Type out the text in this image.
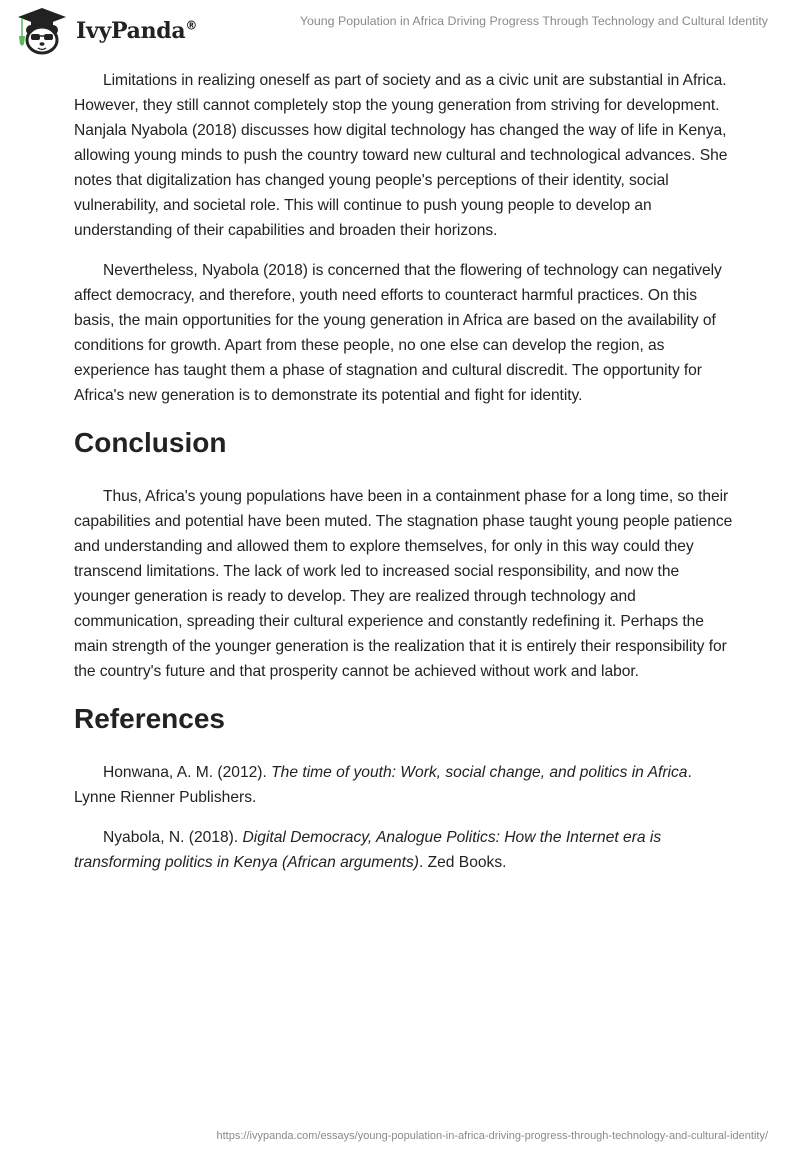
IvyPanda®	Young Population in Africa Driving Progress Through Technology and Cultural Identity

Limitations in realizing oneself as part of society and as a civic unit are substantial in Africa. However, they still cannot completely stop the young generation from striving for development. Nanjala Nyabola (2018) discusses how digital technology has changed the way of life in Kenya, allowing young minds to push the country toward new cultural and technological advances. She notes that digitalization has changed young people's perceptions of their identity, social vulnerability, and societal role. This will continue to push young people to develop an understanding of their capabilities and broaden their horizons.

Nevertheless, Nyabola (2018) is concerned that the flowering of technology can negatively affect democracy, and therefore, youth need efforts to counteract harmful practices. On this basis, the main opportunities for the young generation in Africa are based on the availability of conditions for growth. Apart from these people, no one else can develop the region, as experience has taught them a phase of stagnation and cultural discredit. The opportunity for Africa's new generation is to demonstrate its potential and fight for identity.

Conclusion

Thus, Africa's young populations have been in a containment phase for a long time, so their capabilities and potential have been muted. The stagnation phase taught young people patience and understanding and allowed them to explore themselves, for only in this way could they transcend limitations. The lack of work led to increased social responsibility, and now the younger generation is ready to develop. They are realized through technology and communication, spreading their cultural experience and constantly redefining it. Perhaps the main strength of the younger generation is the realization that it is entirely their responsibility for the country's future and that prosperity cannot be achieved without work and labor.

References

Honwana, A. M. (2012). The time of youth: Work, social change, and politics in Africa. Lynne Rienner Publishers.

Nyabola, N. (2018). Digital Democracy, Analogue Politics: How the Internet era is transforming politics in Kenya (African arguments). Zed Books.

https://ivypanda.com/essays/young-population-in-africa-driving-progress-through-technology-and-cultural-identity/
